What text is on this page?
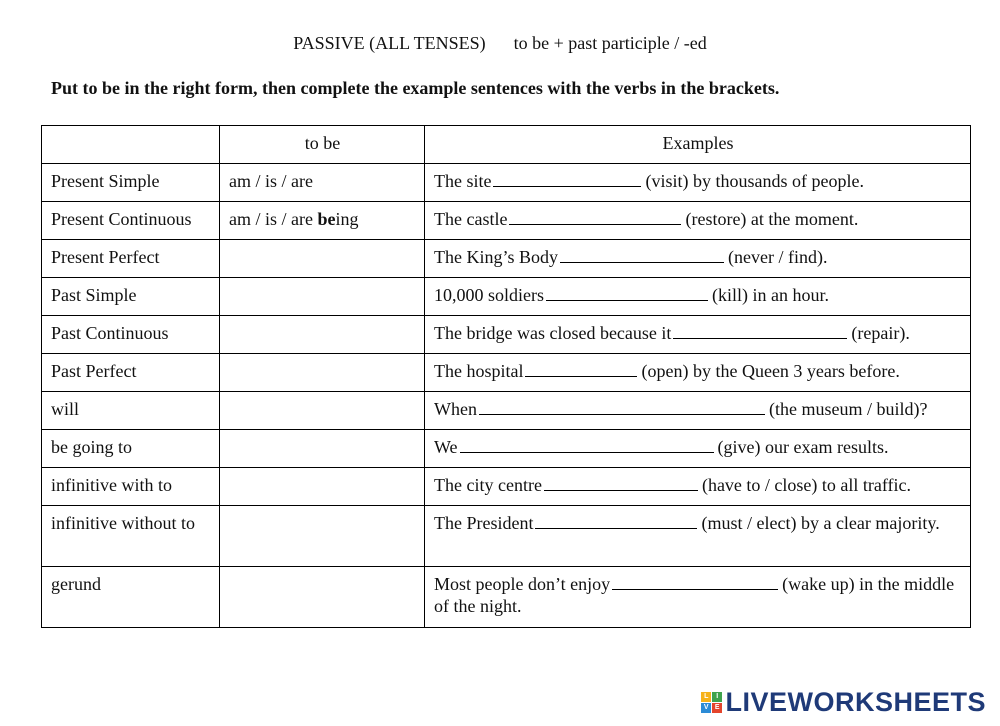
PASSIVE (ALL TENSES) to be + past participle / -ed
Put to be in the right form, then complete the example sentences with the verbs in the brackets.
	to be	Examples
Present Simple	am / is / are	The site (visit) by thousands of people.
Present Continuous	am / is / are being	The castle (restore) at the moment.
Present Perfect		The King’s Body (never / find).
Past Simple		10,000 soldiers (kill) in an hour.
Past Continuous		The bridge was closed because it (repair).
Past Perfect		The hospital (open) by the Queen 3 years before.
will		When (the museum / build)?
be going to		We (give) our exam results.
infinitive with to		The city centre (have to / close) to all traffic.
infinitive without to		The President (must / elect) by a clear majority.
gerund		Most people don’t enjoy (wake up) in the middle of the night.
L	I
V E LIVEWORKSHEETS
